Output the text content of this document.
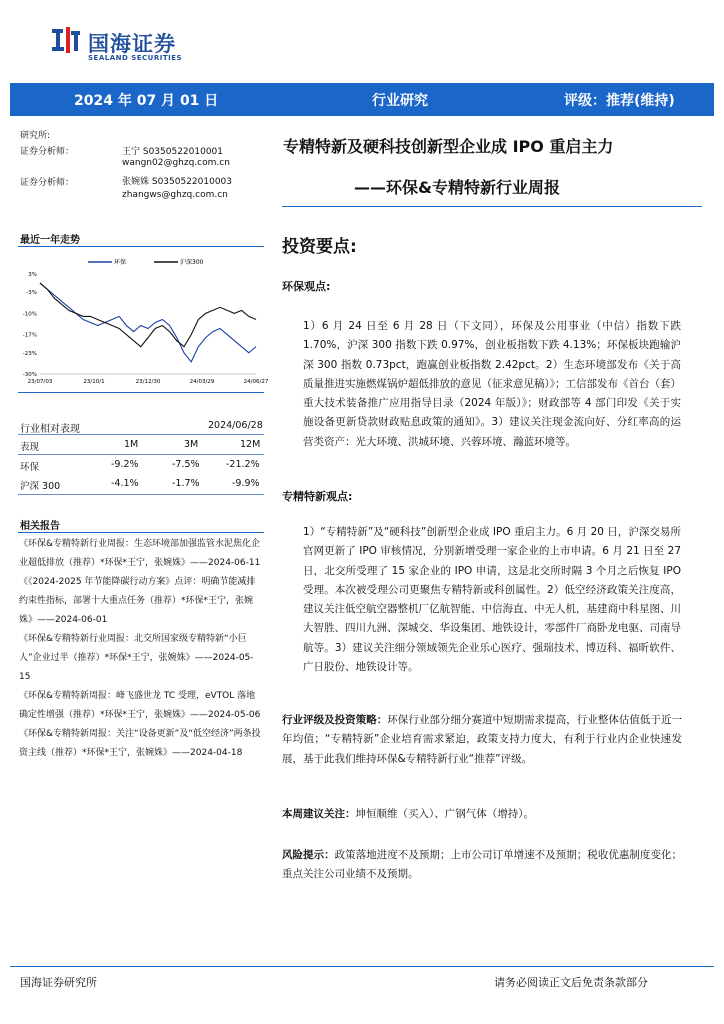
国海证券
SEALAND SECURITIES
2024 年 07 月 01 日	行业研究	评级：推荐(维持)
研究所:
证券分析师：	王宁 S0350522010001
wangn02@ghzq.com.cn
证券分析师：	张婉姝 S0350522010003
zhangws@ghzq.com.cn
专精特新及硬科技创新型企业成 IPO 重启主力
——环保&专精特新行业周报
最近一年走势
环保	沪深300
3%
-3%
-10%
-17%
-23%
-30%
23/07/03	23/10/1	23/12/30	24/03/29	24/06/27
行业相对表现	2024/06/28
表现	1M	3M	12M
环保	-9.2%	-7.5%	-21.2%
沪深 300	-4.1%	-1.7%	-9.9%
相关报告
《环保&专精特新行业周报：生态环境部加强监管水泥焦化企业超低排放（推荐）*环保*王宁，张婉姝》——2024-06-11
《《2024-2025 年节能降碳行动方案》点评：明确节能减排约束性指标，部署十大重点任务（推荐）*环保*王宁，张婉姝》——2024-06-01
《环保&专精特新行业周报：北交所国家级专精特新“小巨人”企业过半（推荐）*环保*王宁，张婉姝》——2024-05-15
《环保&专精特新周报：峰飞盛世龙 TC 受理，eVTOL 落地确定性增强（推荐）*环保*王宁，张婉姝》——2024-05-06
《环保&专精特新周报：关注“设备更新”及“低空经济”两条投资主线（推荐）*环保*王宁，张婉姝》——2024-04-18
投资要点:
环保观点:
1）6 月 24 日至 6 月 28 日（下文同），环保及公用事业（中信）指数下跌 1.70%，沪深 300 指数下跌 0.97%，创业板指数下跌 4.13%；环保板块跑输沪深 300 指数 0.73pct，跑赢创业板指数 2.42pct。2）生态环境部发布《关于高质量推进实施燃煤锅炉超低排放的意见（征求意见稿）》；工信部发布《首台（套）重大技术装备推广应用指导目录（2024 年版）》；财政部等 4 部门印发《关于实施设备更新贷款财政贴息政策的通知》。3）建议关注现金流向好、分红率高的运营类资产：光大环境、洪城环境、兴蓉环境、瀚蓝环境等。
专精特新观点:
1）“专精特新”及“硬科技”创新型企业成 IPO 重启主力。6 月 20 日，沪深交易所官网更新了 IPO 审核情况，分别新增受理一家企业的上市申请。6 月 21 日至 27 日，北交所受理了 15 家企业的 IPO 申请，这是北交所时隔 3 个月之后恢复 IPO 受理。本次被受理公司更聚焦专精特新或科创属性。2）低空经济政策关注度高，建议关注低空航空器整机厂亿航智能、中信海直、中无人机，基建商中科星图、川大智胜、四川九洲、深城交、华设集团、地铁设计，零部件厂商卧龙电驱、司南导航等。3）建议关注细分领域领先企业乐心医疗、强瑞技术、博迈科、福昕软件、广日股份、地铁设计等。
行业评级及投资策略：环保行业部分细分赛道中短期需求提高，行业整体估值低于近一年均值；“专精特新”企业培育需求紧迫，政策支持力度大，有利于行业内企业快速发展，基于此我们维持环保&专精特新行业“推荐”评级。
本周建议关注：坤恒顺维（买入）、广钢气体（增持）。
风险提示：政策落地进度不及预期；上市公司订单增速不及预期；税收优惠制度变化；重点关注公司业绩不及预期。
国海证券研究所	请务必阅读正文后免责条款部分
